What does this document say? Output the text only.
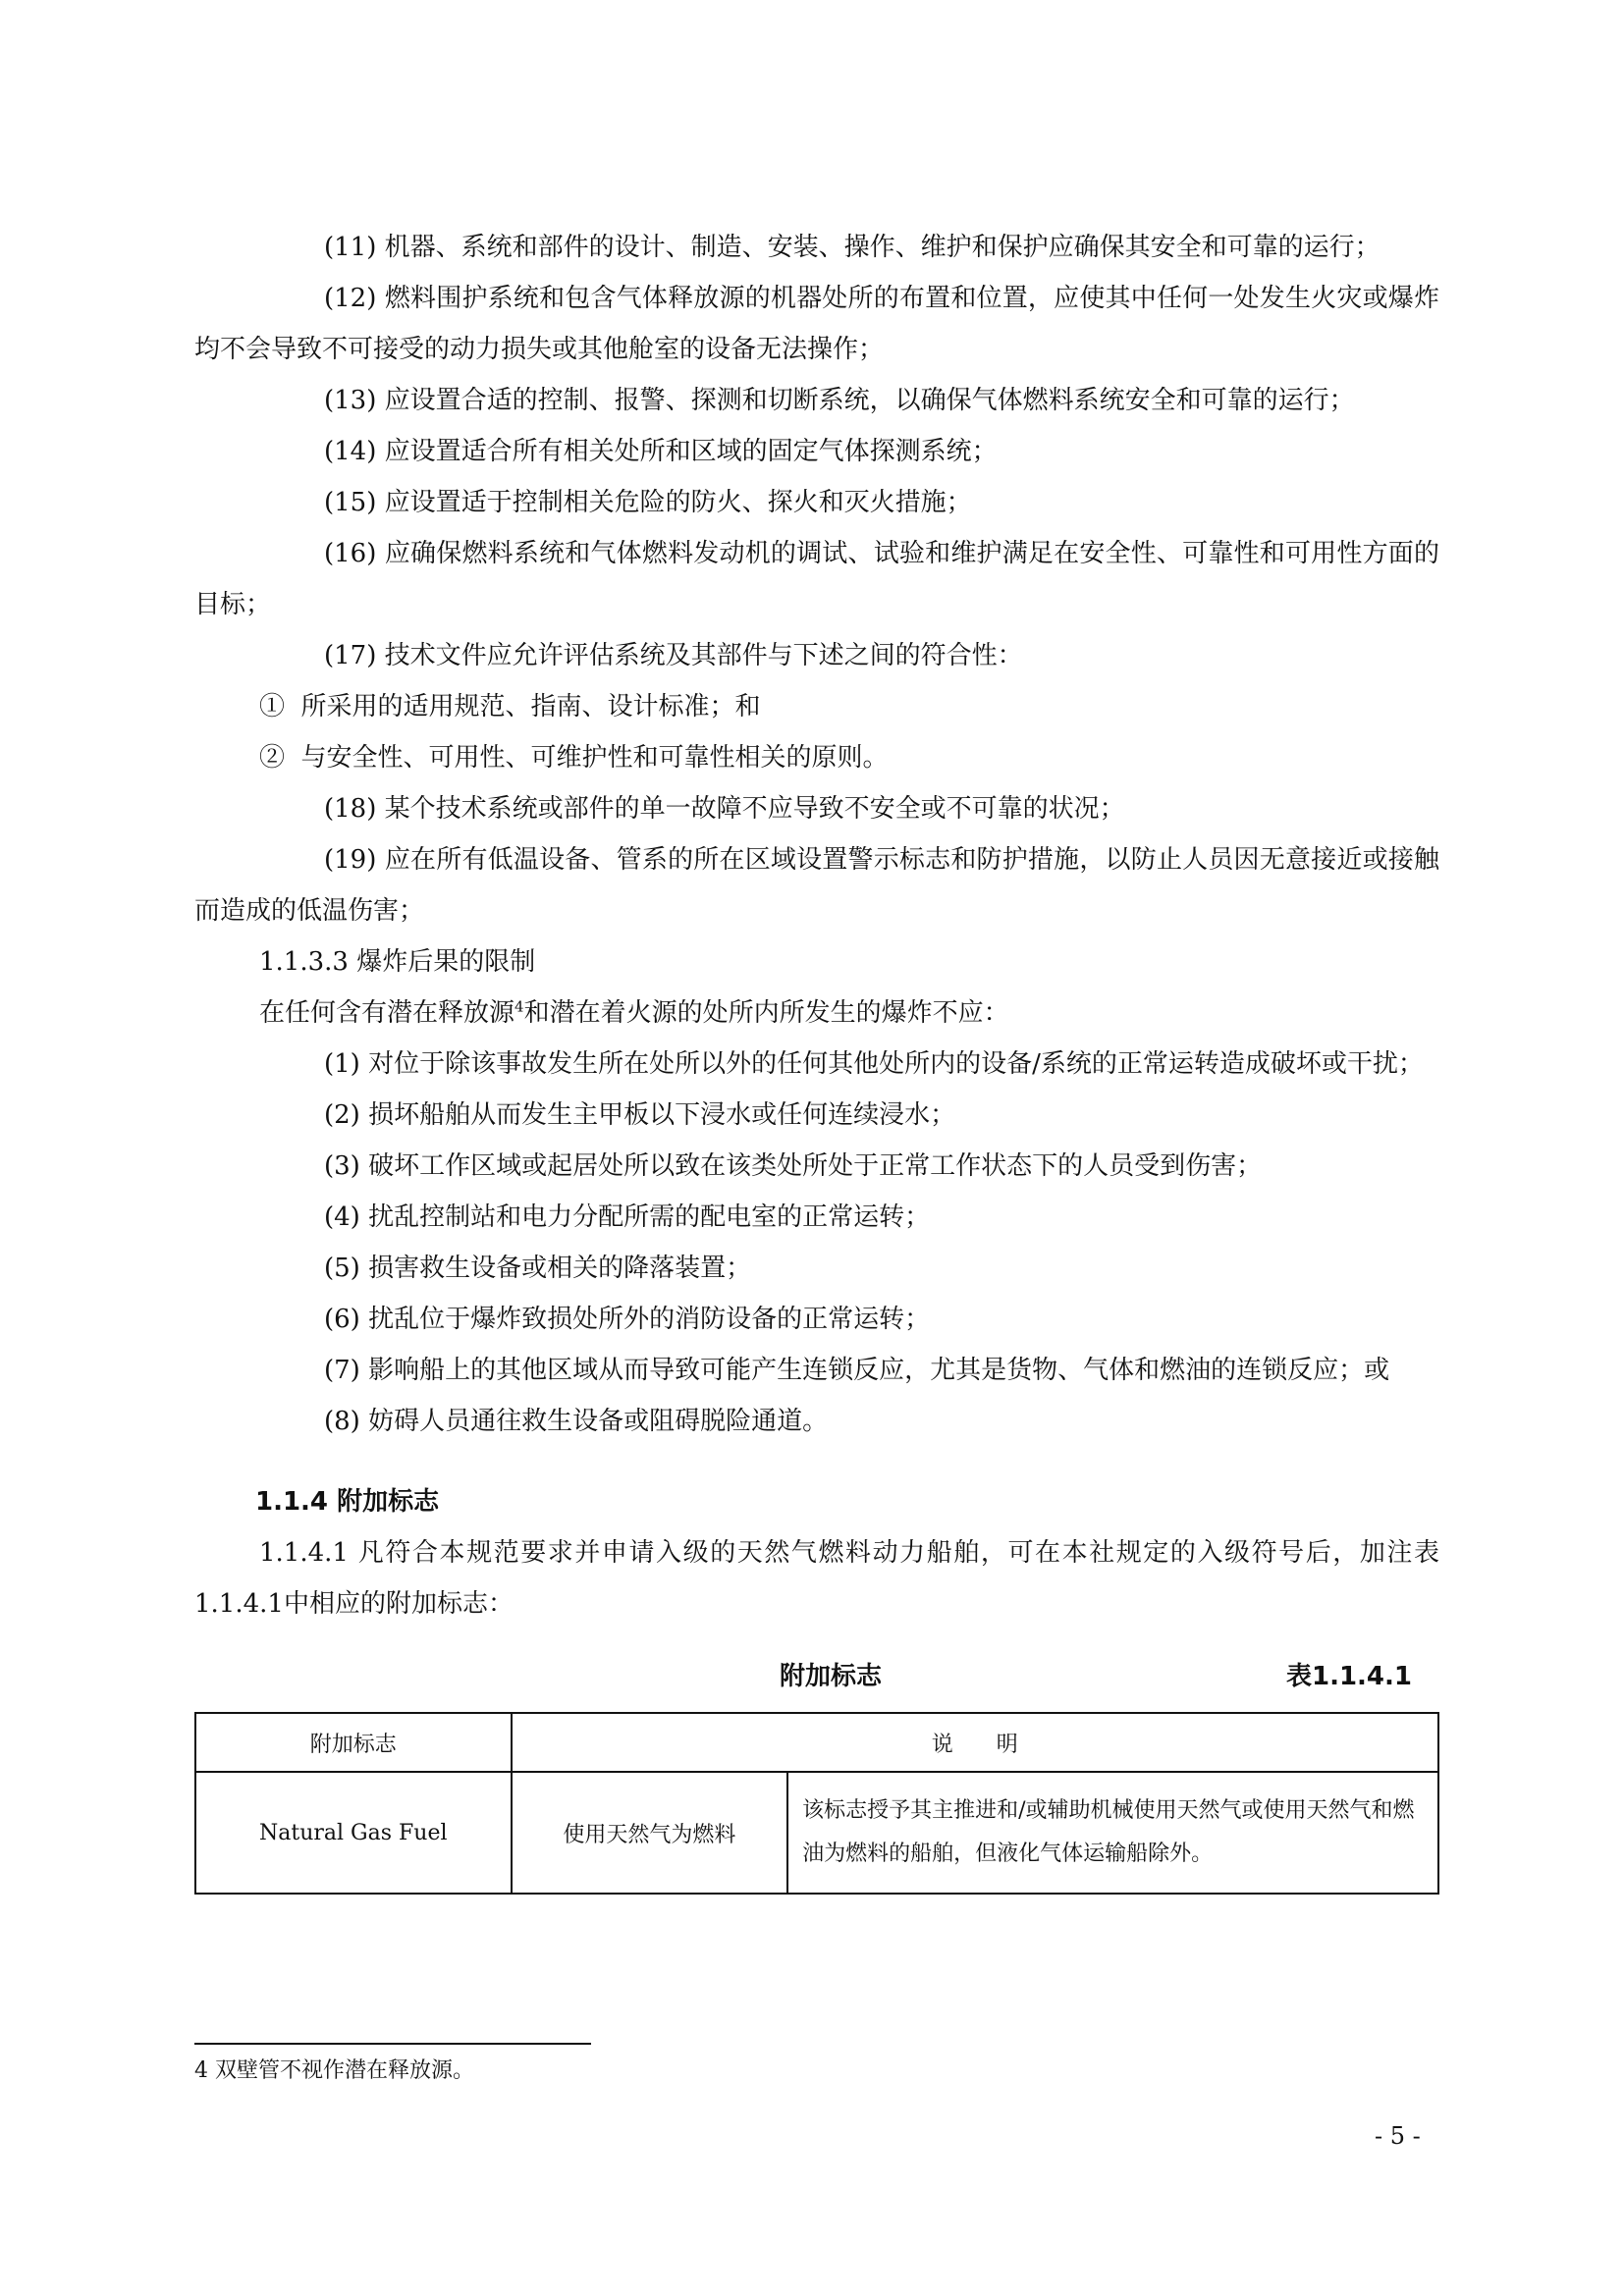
(11) 机器、系统和部件的设计、制造、安装、操作、维护和保护应确保其安全和可靠的运行；

(12) 燃料围护系统和包含气体释放源的机器处所的布置和位置，应使其中任何一处发生火灾或爆炸均不会导致不可接受的动力损失或其他舱室的设备无法操作；

(13) 应设置合适的控制、报警、探测和切断系统，以确保气体燃料系统安全和可靠的运行；

(14) 应设置适合所有相关处所和区域的固定气体探测系统；

(15) 应设置适于控制相关危险的防火、探火和灭火措施；

(16) 应确保燃料系统和气体燃料发动机的调试、试验和维护满足在安全性、可靠性和可用性方面的目标；

(17) 技术文件应允许评估系统及其部件与下述之间的符合性：

① 所采用的适用规范、指南、设计标准；和

② 与安全性、可用性、可维护性和可靠性相关的原则。

(18) 某个技术系统或部件的单一故障不应导致不安全或不可靠的状况；

(19) 应在所有低温设备、管系的所在区域设置警示标志和防护措施，以防止人员因无意接近或接触而造成的低温伤害；

1.1.3.3 爆炸后果的限制

在任何含有潜在释放源$^4$和潜在着火源的处所内所发生的爆炸不应：

(1) 对位于除该事故发生所在处所以外的任何其他处所内的设备/系统的正常运转造成破坏或干扰；

(2) 损坏船舶从而发生主甲板以下浸水或任何连续浸水；

(3) 破坏工作区域或起居处所以致在该类处所处于正常工作状态下的人员受到伤害；

(4) 扰乱控制站和电力分配所需的配电室的正常运转；

(5) 损害救生设备或相关的降落装置；

(6) 扰乱位于爆炸致损处所外的消防设备的正常运转；

(7) 影响船上的其他区域从而导致可能产生连锁反应，尤其是货物、气体和燃油的连锁反应；或

(8) 妨碍人员通往救生设备或阻碍脱险通道。

1.1.4 附加标志

1.1.4.1 凡符合本规范要求并申请入级的天然气燃料动力船舶，可在本社规定的入级符号后，加注表1.1.4.1中相应的附加标志：

附加标志	表1.1.4.1
附加标志	说　　明	
Natural Gas Fuel	使用天然气为燃料	该标志授予其主推进和/或辅助机械使用天然气或使用天然气和燃油为燃料的船舶，但液化气体运输船除外。
4 双壁管不视作潜在释放源。
- 5 -
